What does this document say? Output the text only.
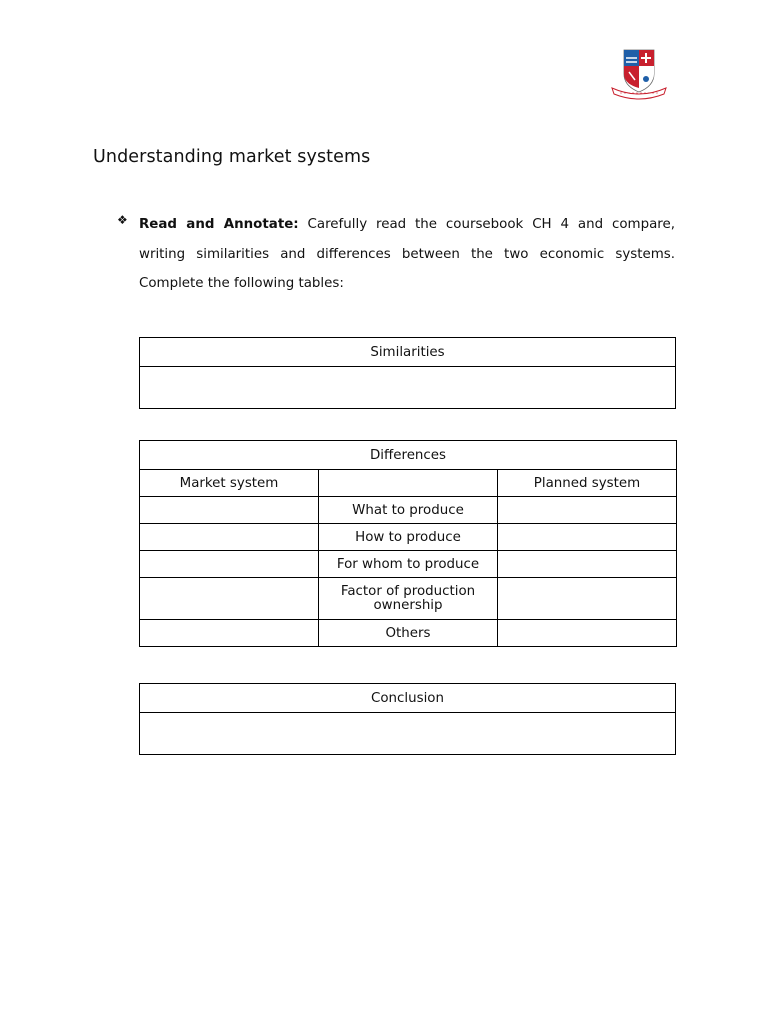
Understanding market systems
❖ Read and Annotate: Carefully read the coursebook CH 4 and compare, writing similarities and differences between the two economic systems. Complete the following tables:
Similarities

Differences		
Market system		Planned system
	What to produce	
	How to produce	
	For whom to produce	
	Factor of production ownership	
	Others	
Conclusion
